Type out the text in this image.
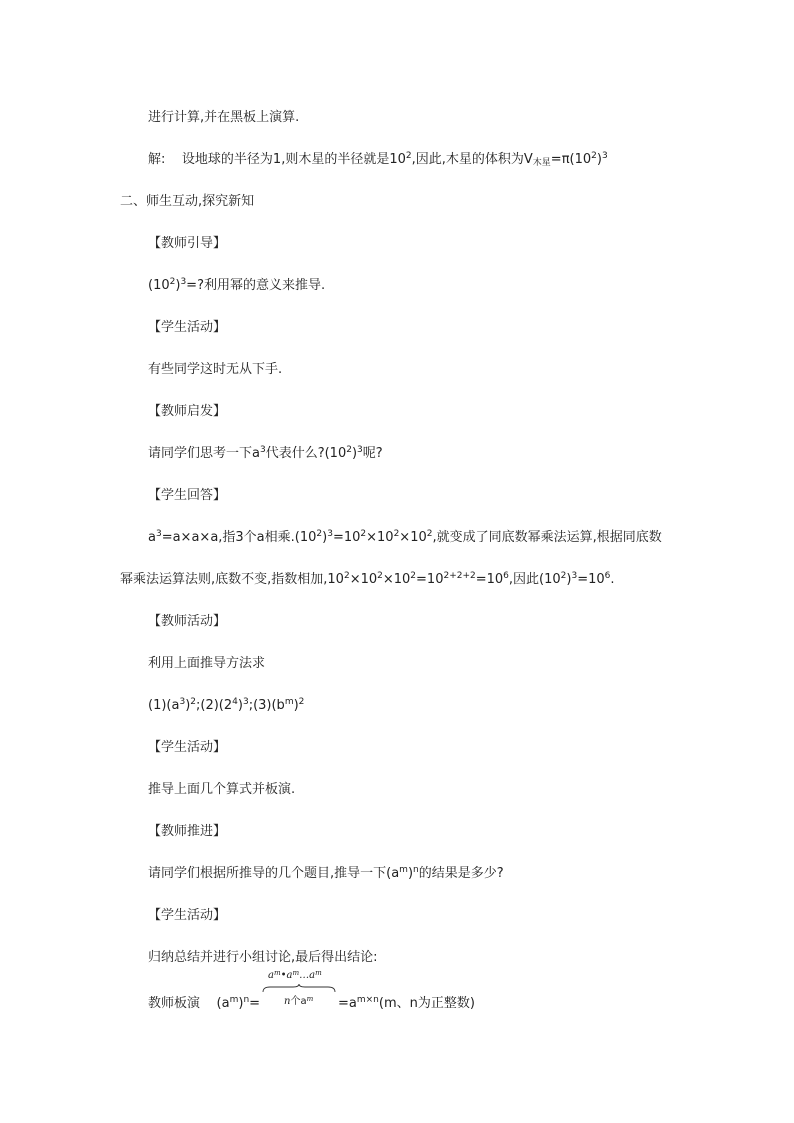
进行计算,并在黑板上演算.
解: 设地球的半径为1,则木星的半径就是$10^2$,因此,木星的体积为$V_{木星}=\pi(10^2)^3$
二、师生互动,探究新知
【教师引导】
$(10^2)^3=$?利用幂的意义来推导.
【学生活动】
有些同学这时无从下手.
【教师启发】
请同学们思考一下$a^3$代表什么$?(10^2)^3$呢?
【学生回答】
$a^3=a\times a\times a$,指3个a相乘$.(10^2)^3=10^2\times 10^2\times 10^2$,就变成了同底数幂乘法运算,根据同底数
幂乘法运算法则,底数不变,指数相加$,10^2\times 10^2\times 10^2=10^{2+2+2}=10^6$,因此$(10^2)^3=10^6$.
【教师活动】
利用上面推导方法求
$(1)(a^3)^2;(2)(2^4)^3;(3)(b^m)^2$
【学生活动】
推导上面几个算式并板演.
【教师推进】
请同学们根据所推导的几个题目,推导一下$(a^m)^n$的结果是多少?
【学生活动】
归纳总结并进行小组讨论,最后得出结论:
教师板演 $(a^m)^n=$
$a^m•a^m\dots a^m$
n个$a^m =a^{m\times n}(m$、n为正整数)
